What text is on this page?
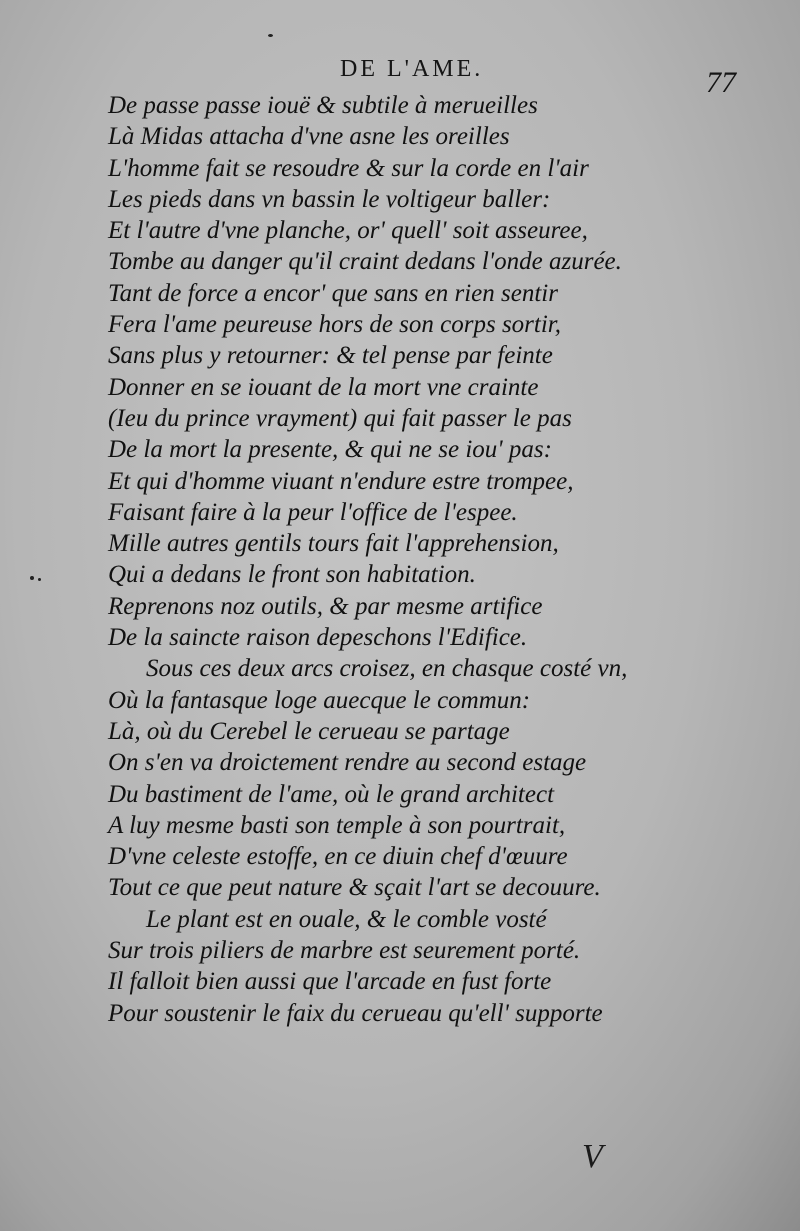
DE L'AME.	77
De passe passe iouë & subtile à merueilles
Là Midas attacha d'vne asne les oreilles
L'homme fait se resoudre & sur la corde en l'air
Les pieds dans vn bassin le voltigeur baller:
Et l'autre d'vne planche, or' quell' soit asseuree,
Tombe au danger qu'il craint dedans l'onde azurée.
Tant de force a encor' que sans en rien sentir
Fera l'ame peureuse hors de son corps sortir,
Sans plus y retourner: & tel pense par feinte
Donner en se iouant de la mort vne crainte
(Ieu du prince vrayment) qui fait passer le pas
De la mort la presente, & qui ne se iou' pas:
Et qui d'homme viuant n'endure estre trompee,
Faisant faire à la peur l'office de l'espee.
Mille autres gentils tours fait l'apprehension,
Qui a dedans le front son habitation.
Reprenons noz outils, & par mesme artifice
De la saincte raison depeschons l'Edifice.
Sous ces deux arcs croisez, en chasque costé vn,
Où la fantasque loge auecque le commun:
Là, où du Cerebel le cerueau se partage
On s'en va droictement rendre au second estage
Du bastiment de l'ame, où le grand architect
A luy mesme basti son temple à son pourtrait,
D'vne celeste estoffe, en ce diuin chef d'œuure
Tout ce que peut nature & sçait l'art se decouure.
Le plant est en ouale, & le comble vosté
Sur trois piliers de marbre est seurement porté.
Il falloit bien aussi que l'arcade en fust forte
Pour soustenir le faix du cerueau qu'ell' supporte
V
